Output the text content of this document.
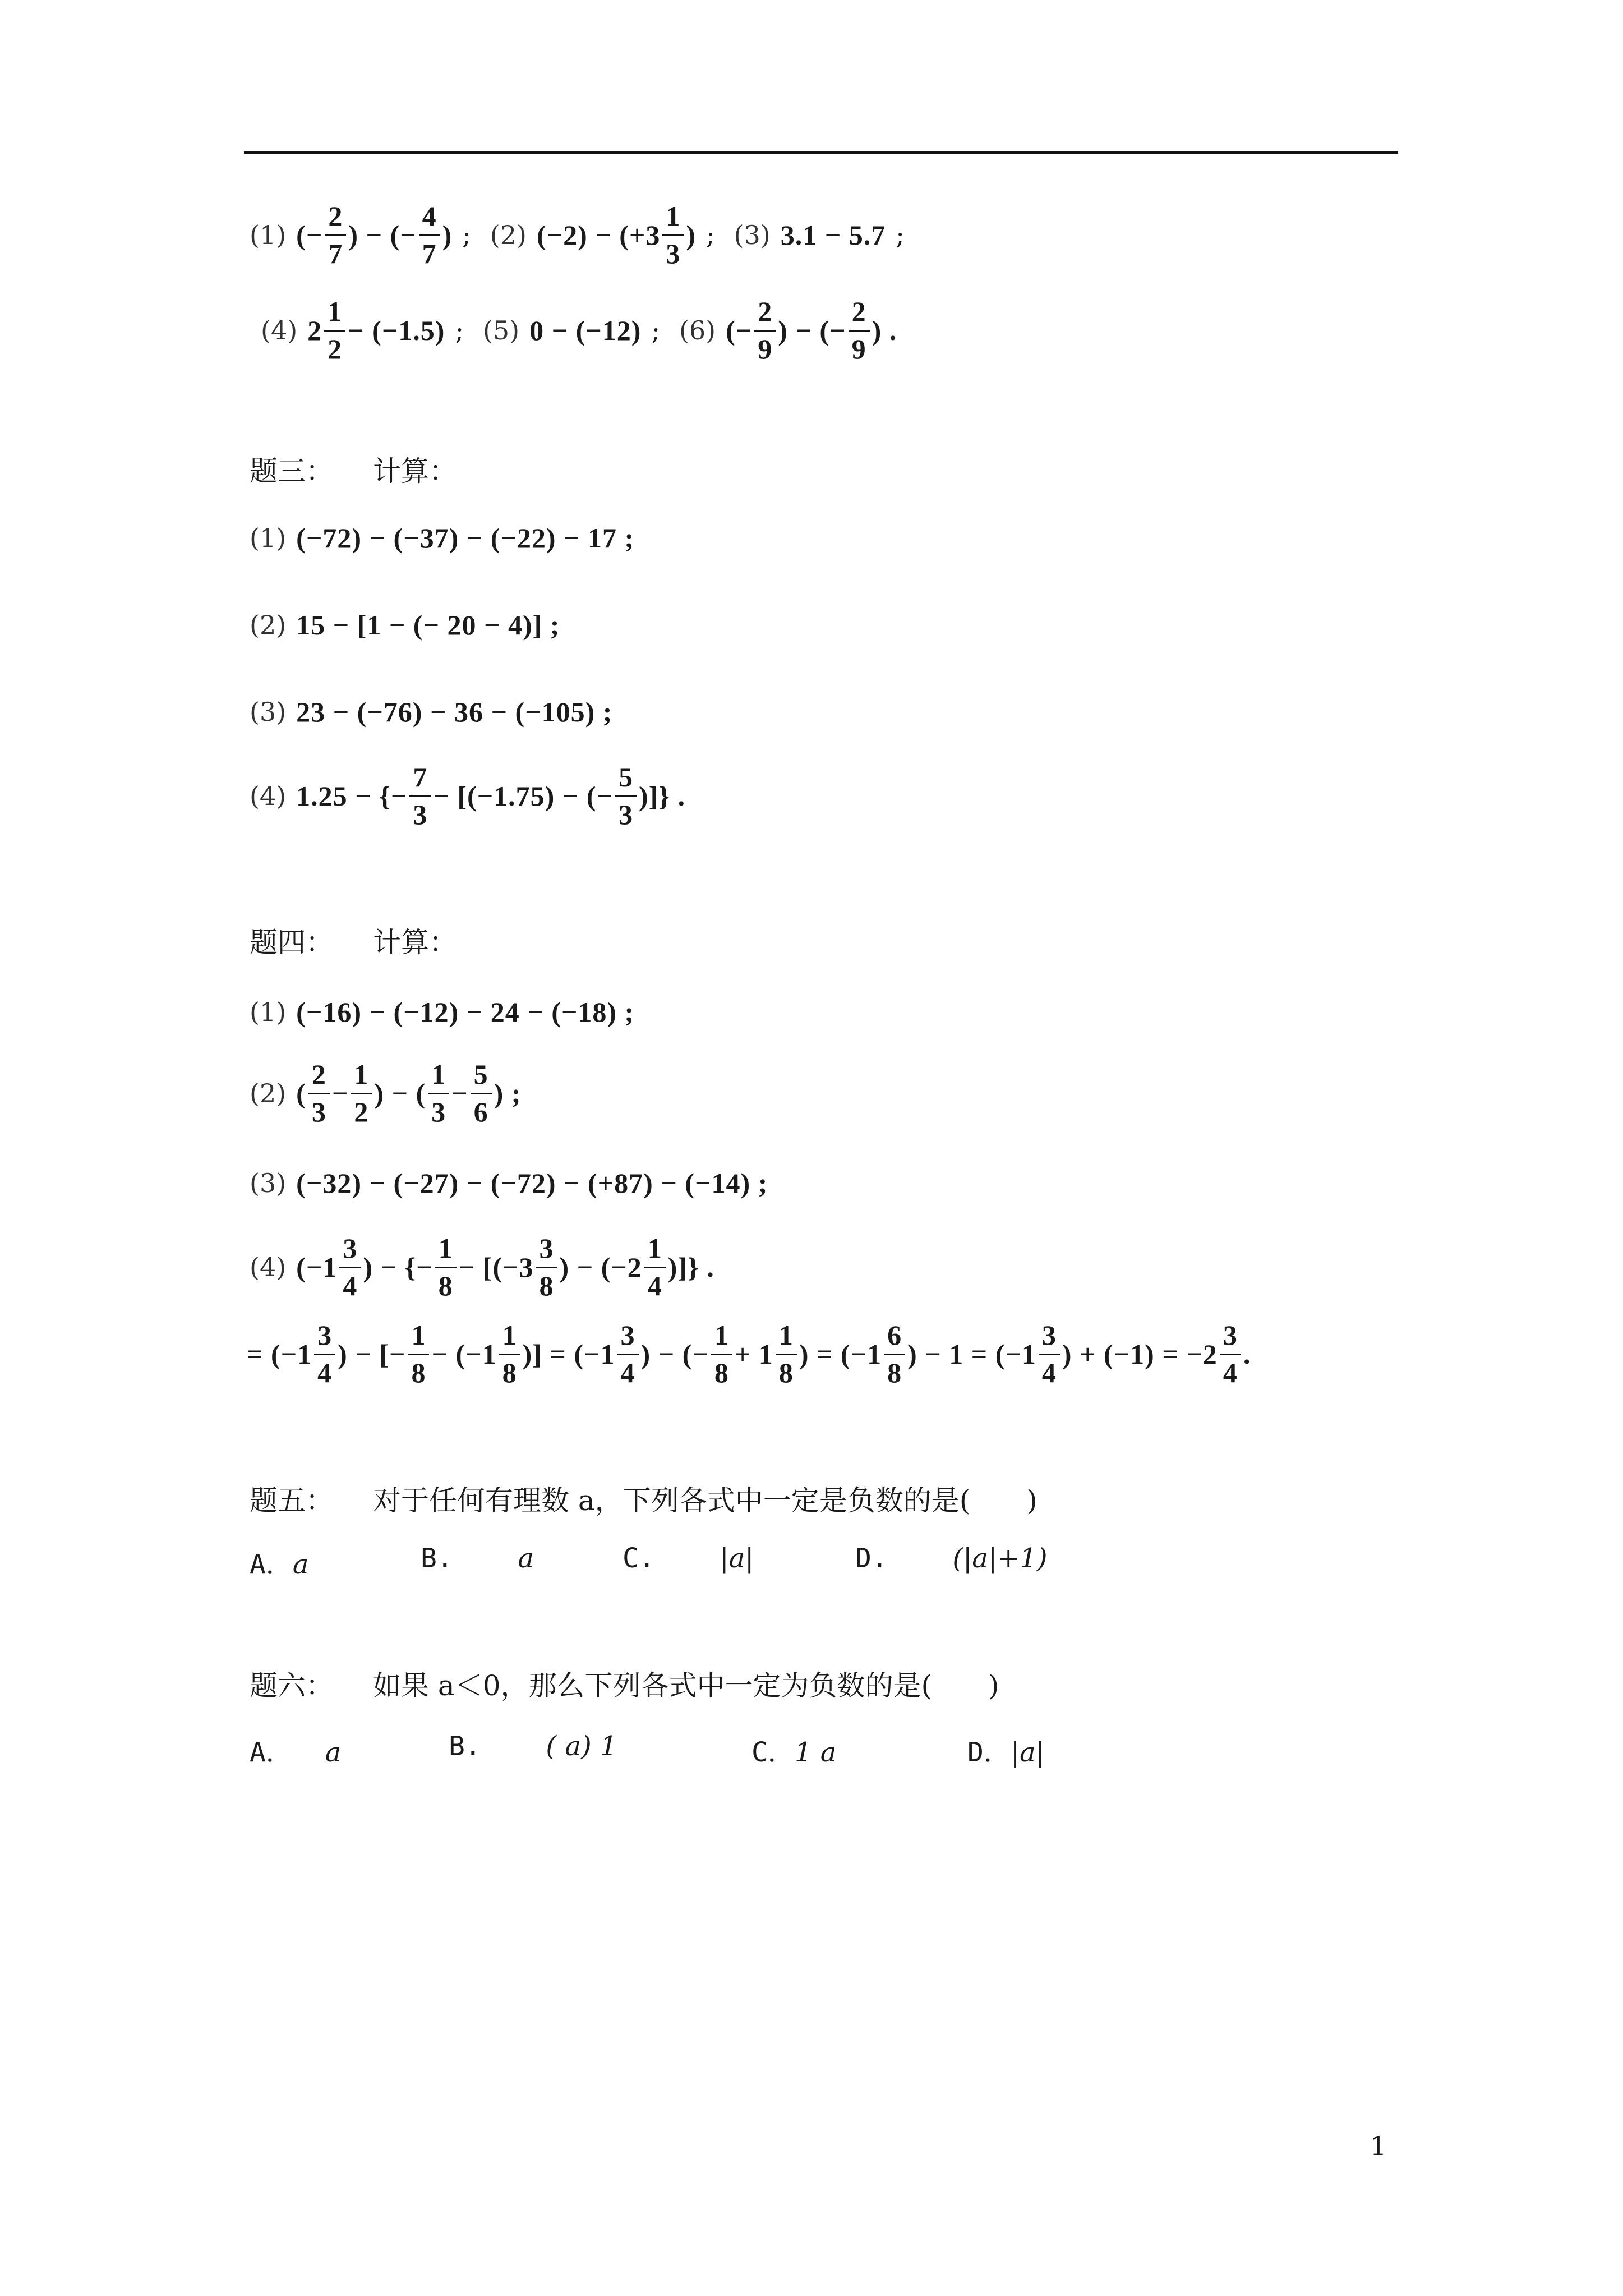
(1) (− $\frac{2}{7}$ ) − (− $\frac{4}{7}$ ) ; (2) $(-2) - (+3 \frac{1}{3}$ ) ; (3) 3.1 − 5.7 ;
(4) $2 \frac{1}{2} - (-1.5)$ ; (5) 0 − (−12) ; (6) (− $\frac{2}{9}$ ) − (− $\frac{2}{9}$ ) .
题三： 计算：
(1) (−72) − (−37) − (−22) − 17 ;
(2) 15 − [1 − (− 20 − 4)] ;
(3) 23 − (−76) − 36 − (−105) ;
(4) 1.25 − {− $\frac{7}{3} - [(-1.75)$ − (− $\frac{5}{3}$ )]} .
题四： 计算：
(1) (−16) − (−12) − 24 − (−18) ;
(2) ( $\frac{2}{3} - \frac{1}{2}$ ) − ( $\frac{1}{3} - \frac{5}{6}$ ) ;
(3) (−32) − (−27) − (−72) − (+87) − (−14) ;
(4) ($-1 \frac{3}{4}$ ) − {− $\frac{1}{8} - [(-3 \frac{3}{8}$ ) − ($-2 \frac{1}{4}$ )]} .
= ($-1 \frac{3}{4}$ ) − [− $\frac{1}{8} - (-1 \frac{1}{8}$ )] = ($-1 \frac{3}{4}$ ) − (− $\frac{1}{8} + 1 \frac{1}{8}$ ) = ($-1 \frac{6}{8}$ ) − $1 = (-1 \frac{3}{4}$ ) + $(-1) = -2 \frac{3}{4}$ .
题五： 对于任何有理数 a，下列各式中一定是负数的是(　　)
A．a	B. a	C. |a|	D. (|a|+1)
题六： 如果 a＜0，那么下列各式中一定为负数的是(　　)
A． a	B. ( a) 1	C．1 a	D．|a|
1
